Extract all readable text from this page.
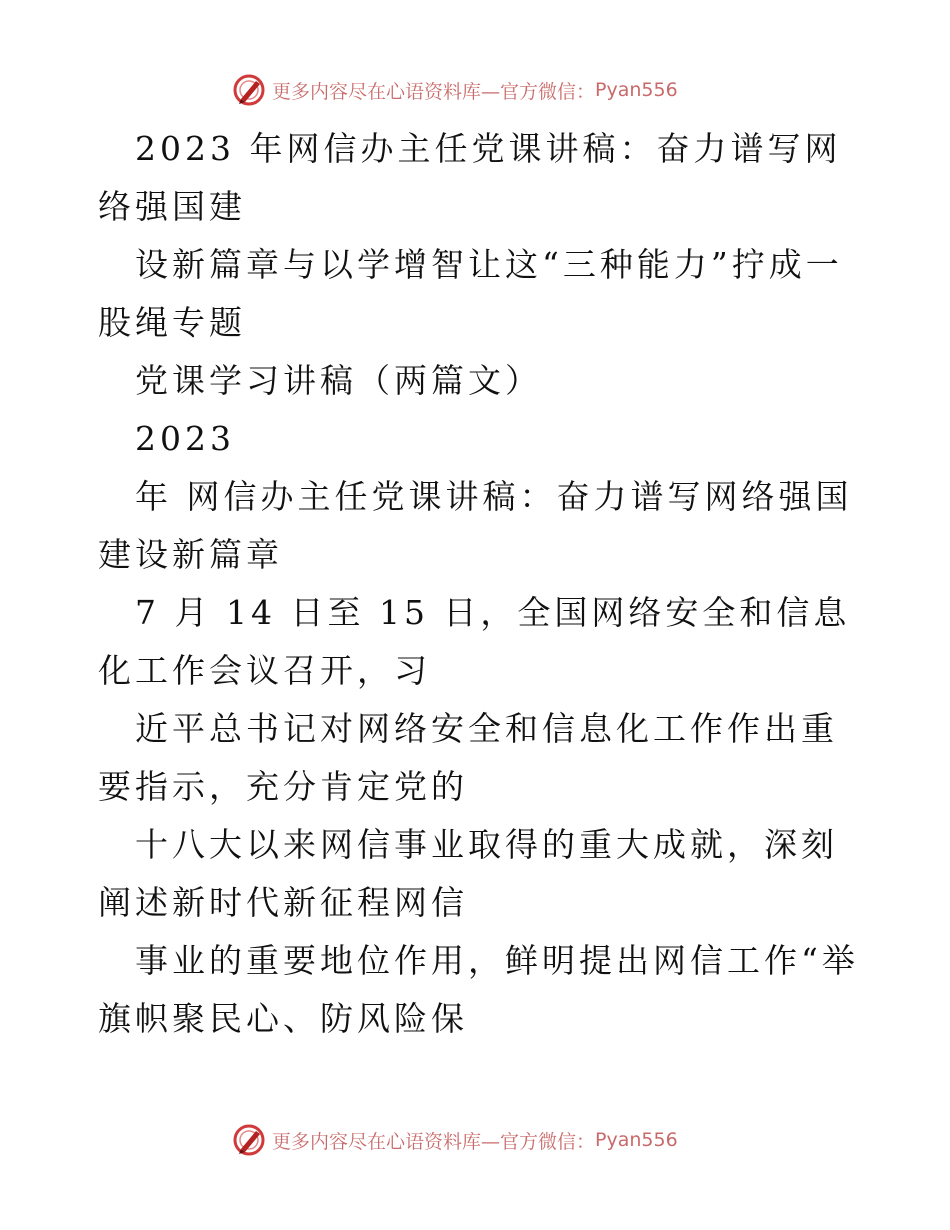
更多内容尽在心语资料库—官方微信： Pyan556

2023 年网信办主任党课讲稿：奋力谱写网络强国建

设新篇章与以学增智让这“三种能力”拧成一股绳专题

党课学习讲稿（两篇文）

2023

年 网信办主任党课讲稿：奋力谱写网络强国建设新篇章

7 月 14 日至 15 日，全国网络安全和信息化工作会议召开，习

近平总书记对网络安全和信息化工作作出重要指示，充分肯定党的

十八大以来网信事业取得的重大成就，深刻阐述新时代新征程网信

事业的重要地位作用，鲜明提出网信工作“举旗帜聚民心、防风险保

更多内容尽在心语资料库—官方微信： Pyan556
